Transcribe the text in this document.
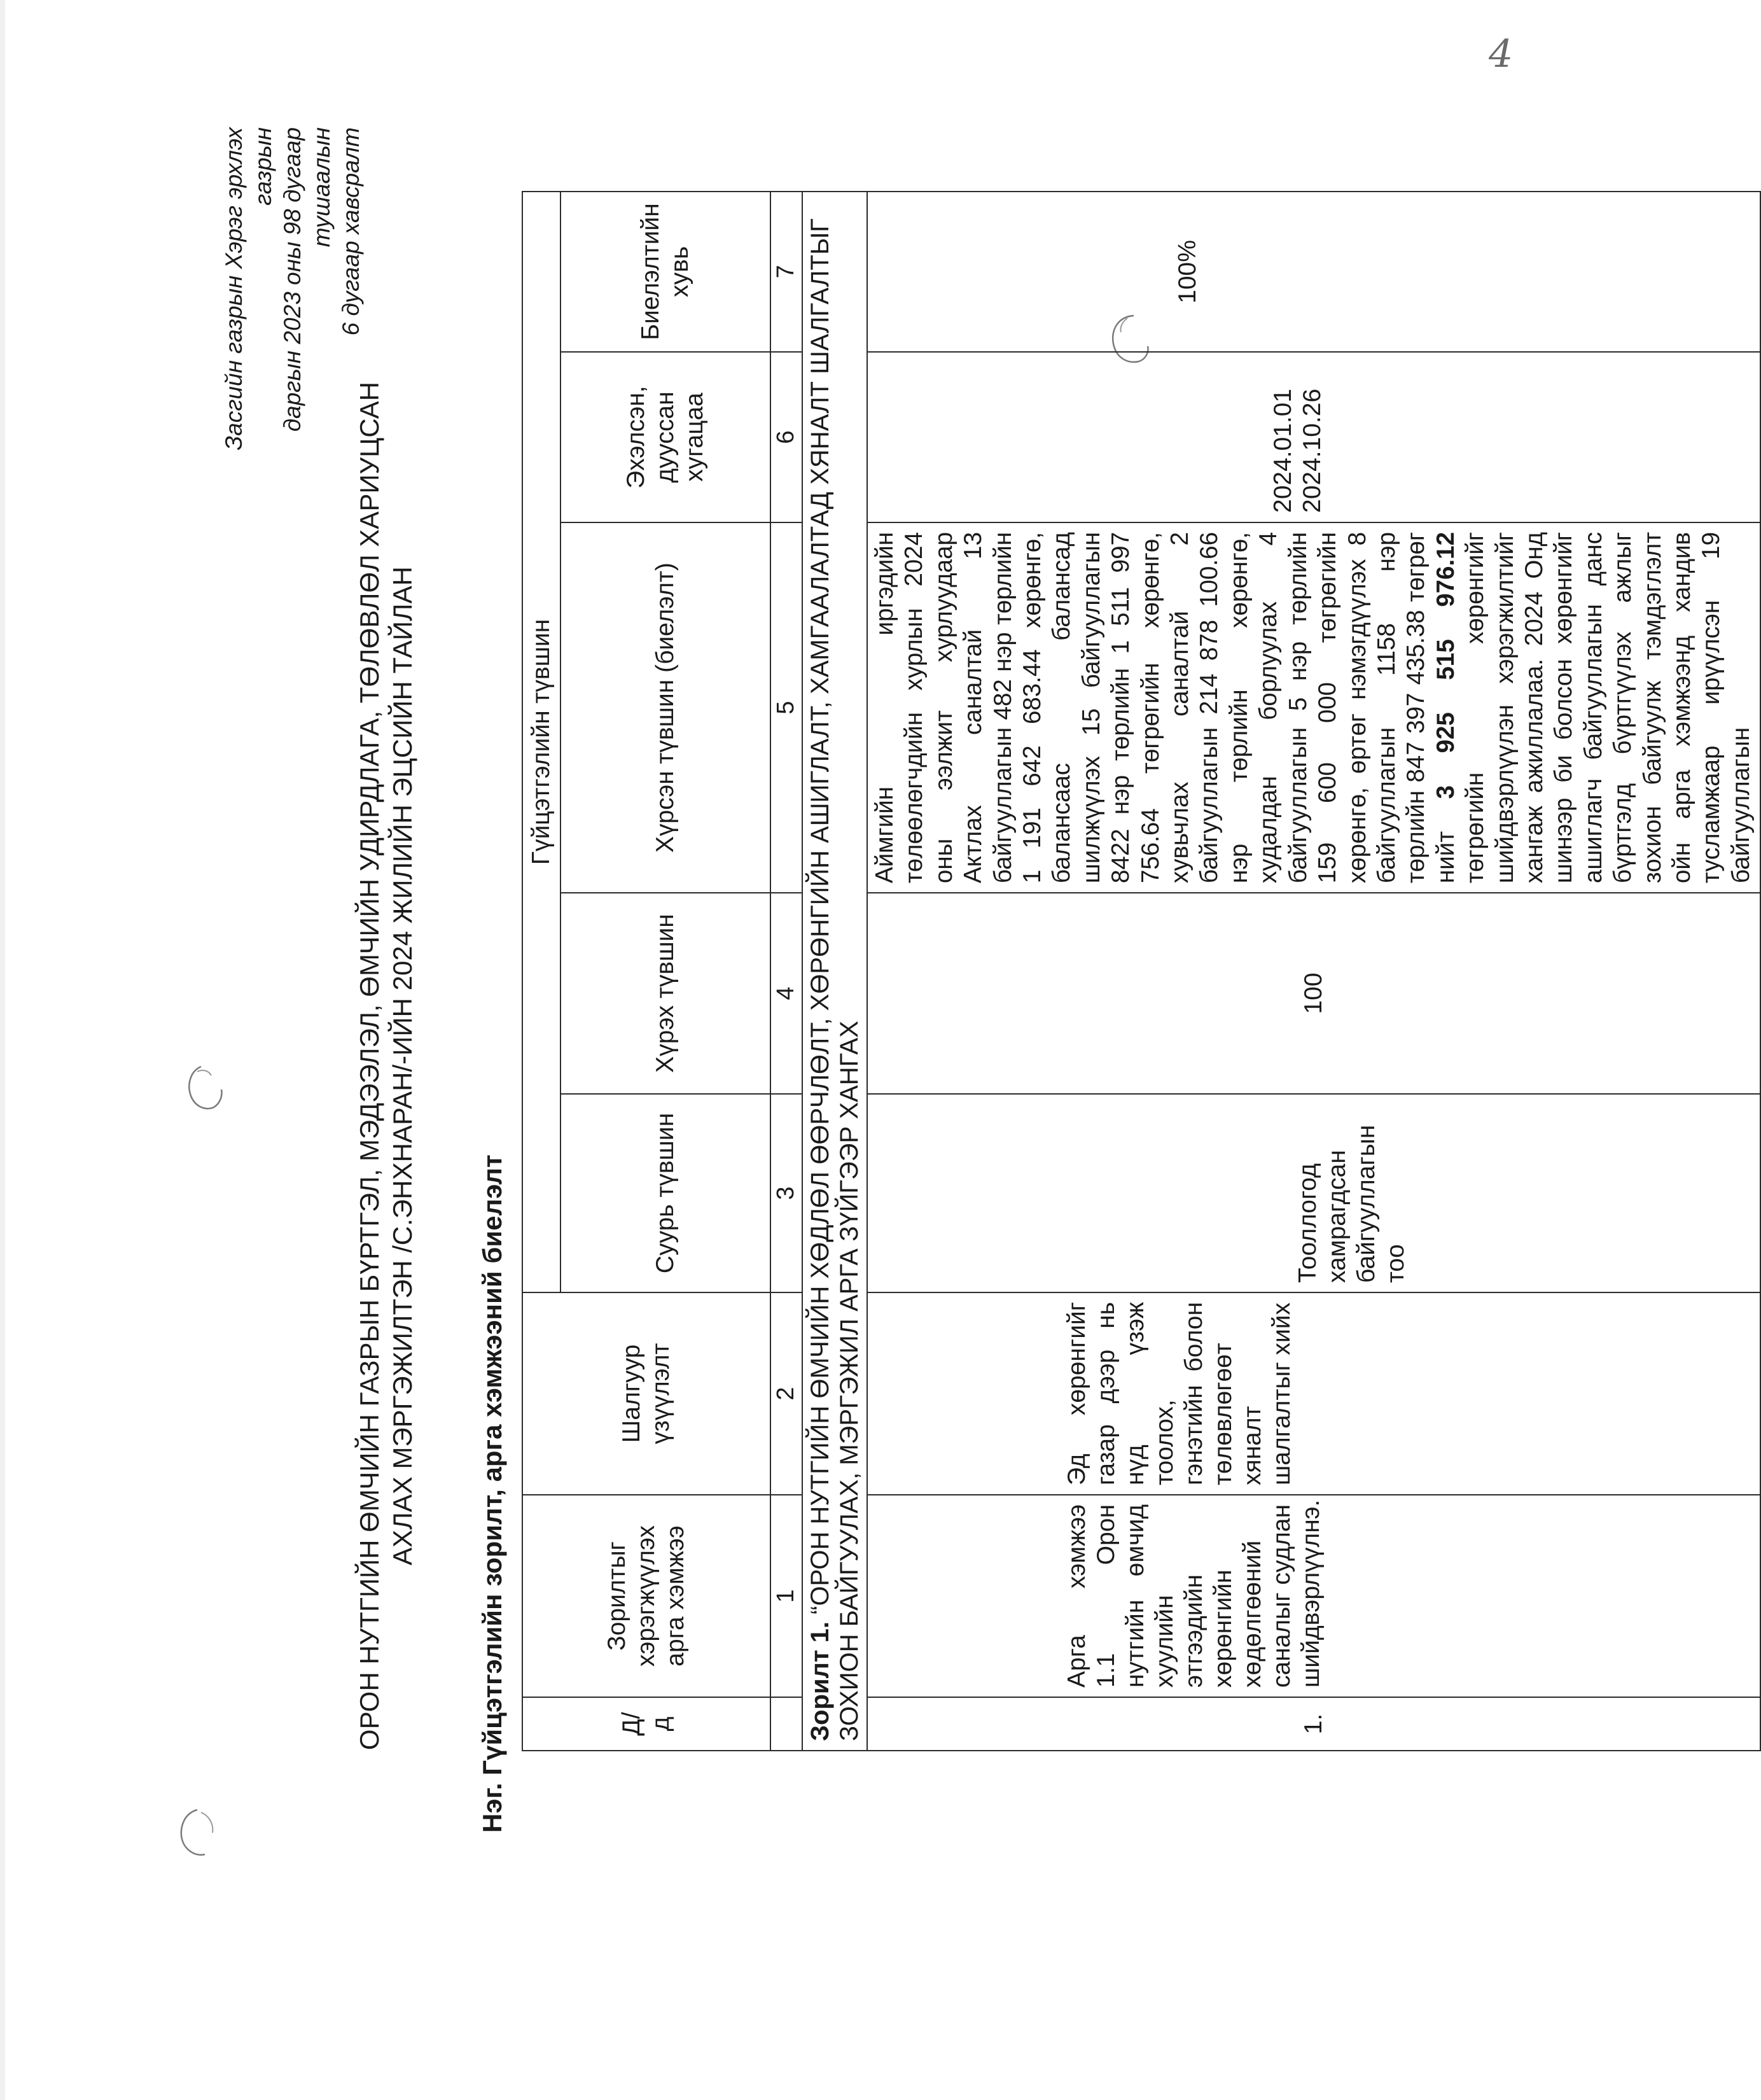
4
Засгийн газрын Хэрэг эрхлэх газрын даргын 2023 оны 98 дугаар тушаалын 6 дугаар хавсралт
ОРОН НУТГИЙН ӨМЧИЙН ГАЗРЫН БҮРТГЭЛ, МЭДЭЭЛЭЛ, ӨМЧИЙН УДИРДЛАГА, ТӨЛӨВЛӨЛ ХАРИУЦСАН АХЛАХ МЭРГЭЖИЛТЭН /С.ЭНХНАРАН/-ИЙН 2024 ЖИЛИЙН ЭЦСИЙН ТАЙЛАН Нэг. Гүйцэтгэлийн зорилт, арга хэмжээний биелэлт	Д/д	Зорилтыг хэрэгжүүлэх арга хэмжээ	Шалгуур үзүүлэлт	Гүйцэтгэлийн түвшин				
			Суурь түвшин	Хүрэх түвшин	Хүрсэн түвшин (биелэлт)	Эхэлсэн, дууссан хугацаа	Биелэлтийн хувь
	1	2	3	4	5	6	7
Зорилт 1. “ОРОН НУТГИЙН ӨМЧИЙН ХӨДЛӨЛ ӨӨРЧЛӨЛТ, ХӨРӨНГИЙН АШИГЛАЛТ, ХАМГААЛАЛТАД ХЯНАЛТ ШАЛГАЛТЫГ ЗОХИОН БАЙГУУЛАХ, МЭРГЭЖИЛ АРГА ЗҮЙГЭЭР ХАНГАХ							
1.	Арга хэмжээ 1.1 Орон нутгийн өмчид хуулийн этгээдийн хөрөнгийн хөдөлгөөний саналыг судлан шийдвэрлүүлнэ.	Эд хөрөнгийг газар дээр нь нүд үзэж тоолох, гэнэтийн болон төлөвлөгөөт хяналт шалгалтыг хийх	Тооллогод хамрагдсан байгууллагын тоо	100	Аймгийн иргэдийн төлөөлөгчдийн хурлын 2024 оны ээлжит хурлуудаар Актлах саналтай 13 байгууллагын 482 нэр төрлийн 1 191 642 683.44 хөрөнгө, балансаас балансад шилжүүлэх 15 байгууллагын 8422 нэр төрлийн 1 511 997 756.64 төгрөгийн хөрөнгө, хувьчлах саналтай 2 байгууллагын 214 878 100.66 нэр төрлийн хөрөнгө, худалдан борлуулах 4 байгууллагын 5 нэр төрлийн 159 600 000 төгрөгийн хөрөнгө, өртөг нэмэгдүүлэх 8 байгууллагын 1158 нэр төрлийн 847 397 435.38 төгрөг нийт 3 925 515 976.12 төгрөгийн хөрөнгийг шийдвэрлүүлэн хэрэгжилтийг хангаж ажиллалаа. 2024 Онд шинээр би болсон хөрөнгийг ашиглагч байгууллагын данс бүртгэлд бүртгүүлэх ажлыг зохион байгуулж тэмдэглэлт ойн арга хэмжээнд хандив тусламжаар ирүүлсэн 19 байгууллагын	2024.01.01 2024.10.26	100%
